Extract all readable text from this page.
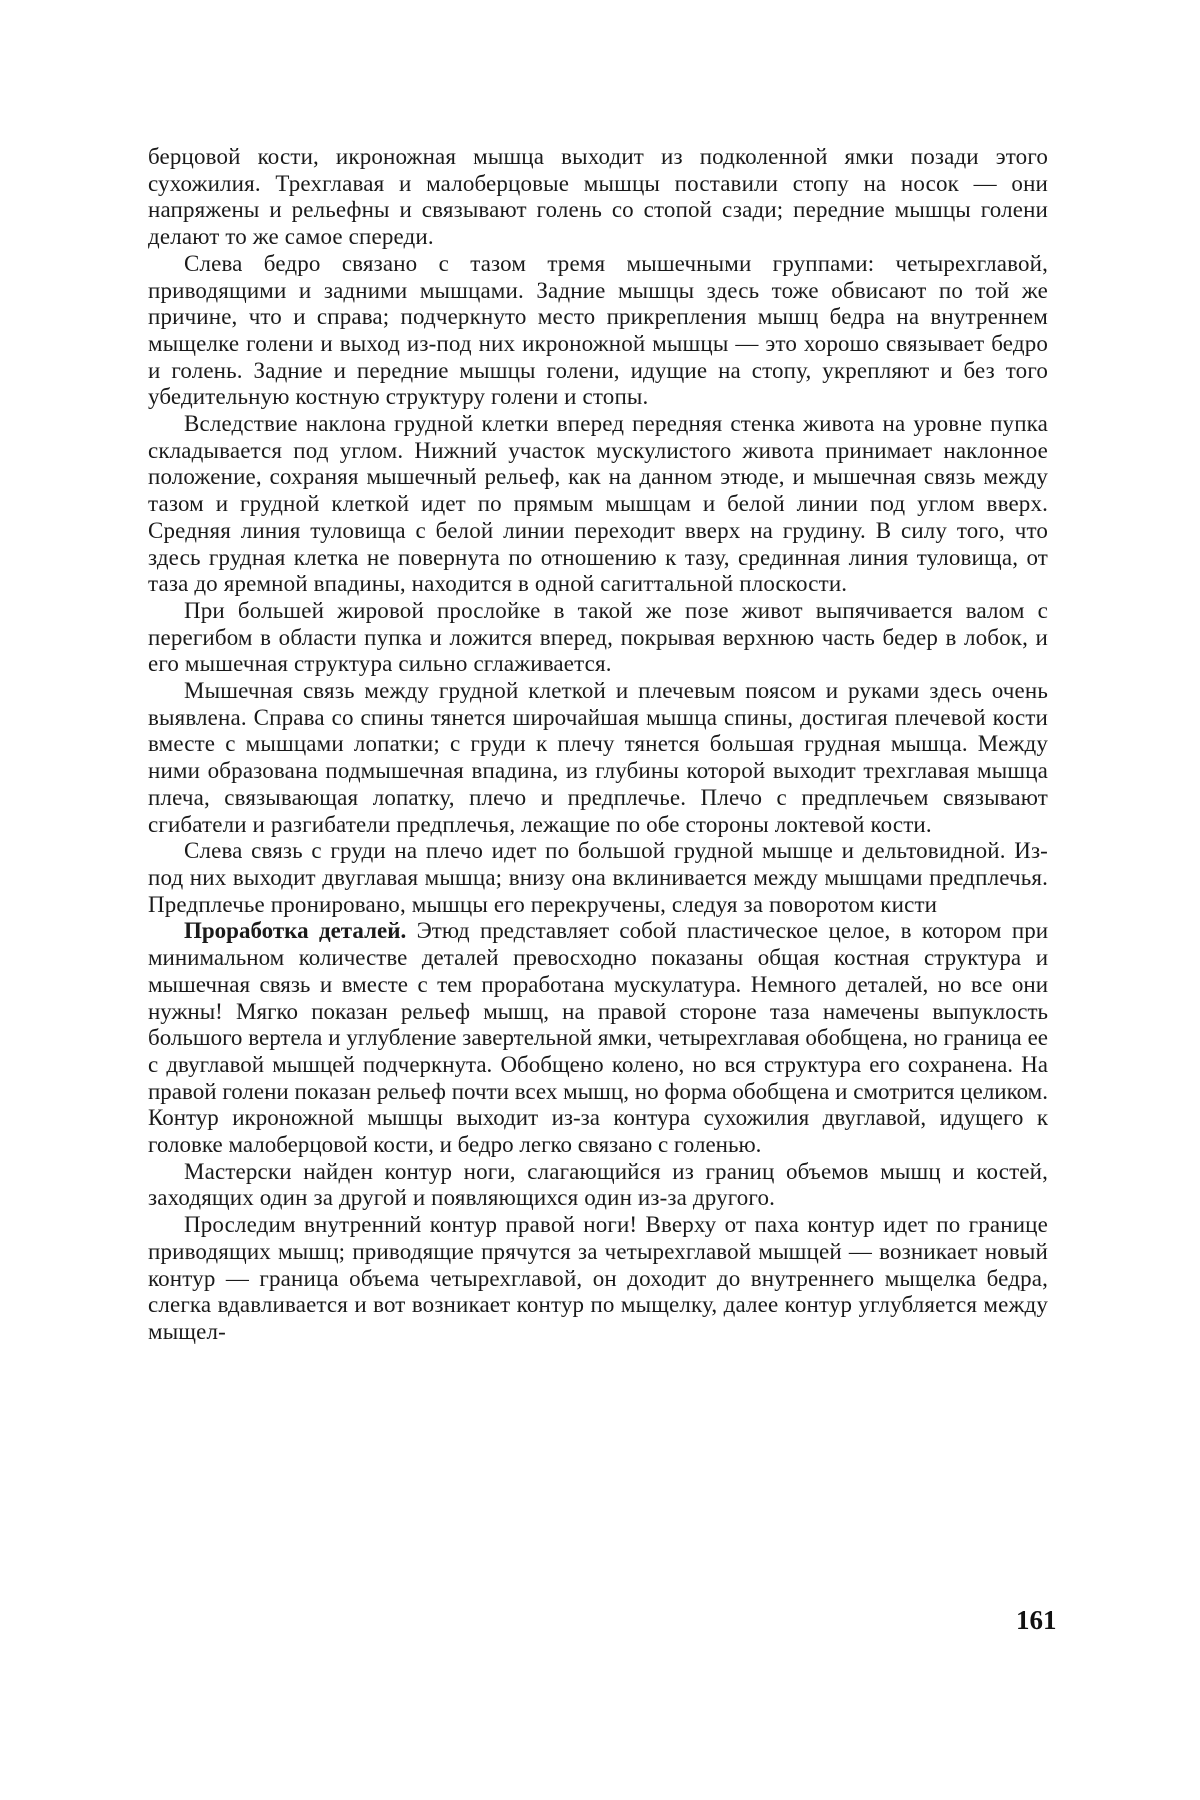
берцовой кости, икроножная мышца выходит из подколенной ямки позади этого сухожилия. Трехглавая и малоберцовые мышцы поставили стопу на носок — они напряжены и рельефны и связывают голень со стопой сзади; передние мышцы голени делают то же самое спереди.

Слева бедро связано с тазом тремя мышечными группами: четырехглавой, приводящими и задними мышцами. Задние мышцы здесь тоже обвисают по той же причине, что и справа; подчеркнуто место прикрепления мышц бедра на внутреннем мыщелке голени и выход из-под них икроножной мышцы — это хорошо связывает бедро и голень. Задние и передние мышцы голени, идущие на стопу, укрепляют и без того убедительную костную структуру голени и стопы.

Вследствие наклона грудной клетки вперед передняя стенка живота на уровне пупка складывается под углом. Нижний участок мускулистого живота принимает наклонное положение, сохраняя мышечный рельеф, как на данном этюде, и мышечная связь между тазом и грудной клеткой идет по прямым мышцам и белой линии под углом вверх. Средняя линия туловища с белой линии переходит вверх на грудину. В силу того, что здесь грудная клетка не повернута по отношению к тазу, срединная линия туловища, от таза до яремной впадины, находится в одной сагиттальной плоскости.

При большей жировой прослойке в такой же позе живот выпячивается валом с перегибом в области пупка и ложится вперед, покрывая верхнюю часть бедер в лобок, и его мышечная структура сильно сглаживается.

Мышечная связь между грудной клеткой и плечевым поясом и руками здесь очень выявлена. Справа со спины тянется широчайшая мышца спины, достигая плечевой кости вместе с мышцами лопатки; с груди к плечу тянется большая грудная мышца. Между ними образована подмышечная впадина, из глубины которой выходит трехглавая мышца плеча, связывающая лопатку, плечо и предплечье. Плечо с предплечьем связывают сгибатели и разгибатели предплечья, лежащие по обе стороны локтевой кости.

Слева связь с груди на плечо идет по большой грудной мышце и дельтовидной. Из-под них выходит двуглавая мышца; внизу она вклинивается между мышцами предплечья. Предплечье пронировано, мышцы его перекручены, следуя за поворотом кисти

Проработка деталей. Этюд представляет собой пластическое целое, в котором при минимальном количестве деталей превосходно показаны общая костная структура и мышечная связь и вместе с тем проработана мускулатура. Немного деталей, но все они нужны! Мягко показан рельеф мышц, на правой стороне таза намечены выпуклость большого вертела и углубление завертельной ямки, четырехглавая обобщена, но граница ее с двуглавой мышцей подчеркнута. Обобщено колено, но вся структура его сохранена. На правой голени показан рельеф почти всех мышц, но форма обобщена и смотрится целиком. Контур икроножной мышцы выходит из-за контура сухожилия двуглавой, идущего к головке малоберцовой кости, и бедро легко связано с голенью.

Мастерски найден контур ноги, слагающийся из границ объемов мышц и костей, заходящих один за другой и появляющихся один из-за другого.

Проследим внутренний контур правой ноги! Вверху от паха контур идет по границе приводящих мышц; приводящие прячутся за четырехглавой мышцей — возникает новый контур — граница объема четырехглавой, он доходит до внутреннего мыщелка бедра, слегка вдавливается и вот возникает контур по мыщелку, далее контур углубляется между мыщел-

161
